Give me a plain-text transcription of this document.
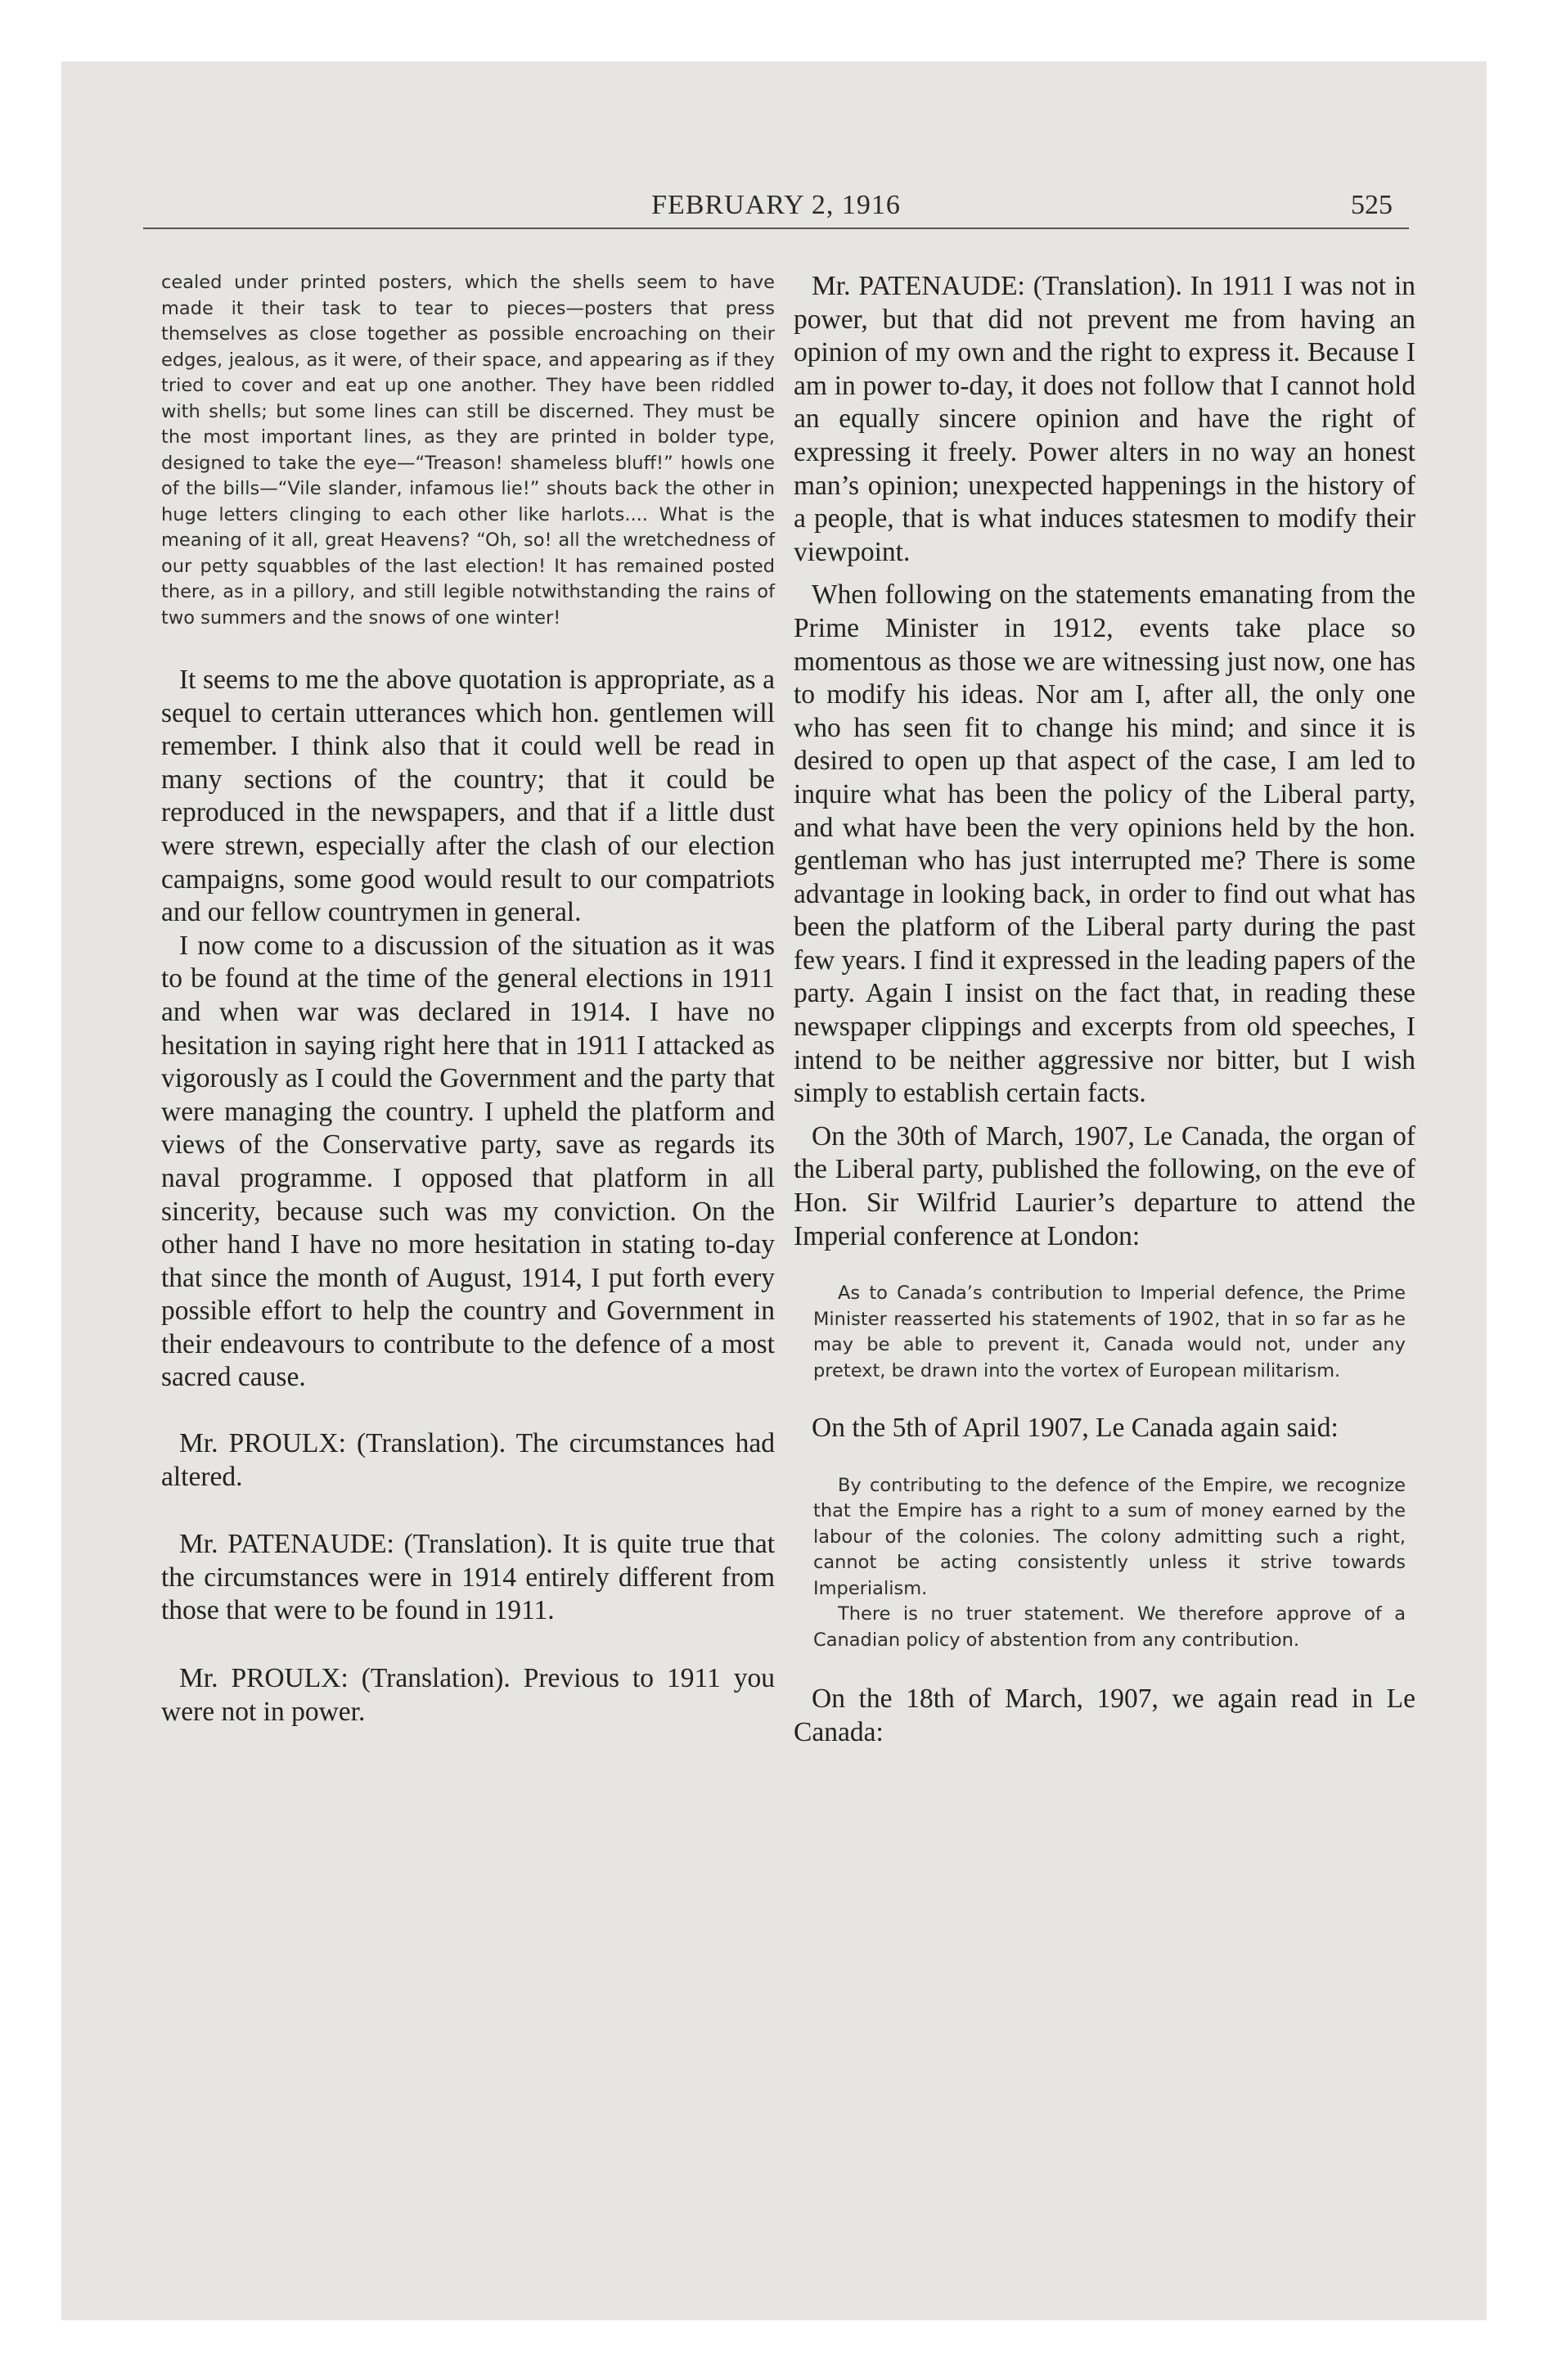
FEBRUARY 2, 1916	525

cealed under printed posters, which the shells seem to have made it their task to tear to pieces—posters that press themselves as close together as possible encroaching on their edges, jealous, as it were, of their space, and appearing as if they tried to cover and eat up one another. They have been riddled with shells; but some lines can still be discerned. They must be the most important lines, as they are printed in bolder type, designed to take the eye—“Treason! shameless bluff!” howls one of the bills—“Vile slander, infamous lie!” shouts back the other in huge letters clinging to each other like harlots.... What is the meaning of it all, great Heavens? “Oh, so! all the wretchedness of our petty squabbles of the last election! It has remained posted there, as in a pillory, and still legible notwithstanding the rains of two summers and the snows of one winter!

It seems to me the above quotation is appropriate, as a sequel to certain utterances which hon. gentlemen will remember. I think also that it could well be read in many sections of the country; that it could be reproduced in the newspapers, and that if a little dust were strewn, especially after the clash of our election campaigns, some good would result to our compatriots and our fellow countrymen in general.

I now come to a discussion of the situation as it was to be found at the time of the general elections in 1911 and when war was declared in 1914. I have no hesitation in saying right here that in 1911 I attacked as vigorously as I could the Government and the party that were managing the country. I upheld the platform and views of the Conservative party, save as regards its naval programme. I opposed that platform in all sincerity, because such was my conviction. On the other hand I have no more hesitation in stating to-day that since the month of August, 1914, I put forth every possible effort to help the country and Government in their endeavours to contribute to the defence of a most sacred cause.

Mr. PROULX: (Translation). The circumstances had altered.

Mr. PATENAUDE: (Translation). It is quite true that the circumstances were in 1914 entirely different from those that were to be found in 1911.

Mr. PROULX: (Translation). Previous to 1911 you were not in power.

Mr. PATENAUDE: (Translation). In 1911 I was not in power, but that did not prevent me from having an opinion of my own and the right to express it. Because I am in power to-day, it does not follow that I cannot hold an equally sincere opinion and have the right of expressing it freely. Power alters in no way an honest man’s opinion; unexpected happenings in the history of a people, that is what induces statesmen to modify their viewpoint.

When following on the statements emanating from the Prime Minister in 1912, events take place so momentous as those we are witnessing just now, one has to modify his ideas. Nor am I, after all, the only one who has seen fit to change his mind; and since it is desired to open up that aspect of the case, I am led to inquire what has been the policy of the Liberal party, and what have been the very opinions held by the hon. gentleman who has just interrupted me? There is some advantage in looking back, in order to find out what has been the platform of the Liberal party during the past few years. I find it expressed in the leading papers of the party. Again I insist on the fact that, in reading these newspaper clippings and excerpts from old speeches, I intend to be neither aggressive nor bitter, but I wish simply to establish certain facts.

On the 30th of March, 1907, Le Canada, the organ of the Liberal party, published the following, on the eve of Hon. Sir Wilfrid Laurier’s departure to attend the Imperial conference at London:

As to Canada’s contribution to Imperial defence, the Prime Minister reasserted his statements of 1902, that in so far as he may be able to prevent it, Canada would not, under any pretext, be drawn into the vortex of European militarism.

On the 5th of April 1907, Le Canada again said:

By contributing to the defence of the Empire, we recognize that the Empire has a right to a sum of money earned by the labour of the colonies. The colony admitting such a right, cannot be acting consistently unless it strive towards Imperialism.

There is no truer statement. We therefore approve of a Canadian policy of abstention from any contribution.

On the 18th of March, 1907, we again read in Le Canada:
